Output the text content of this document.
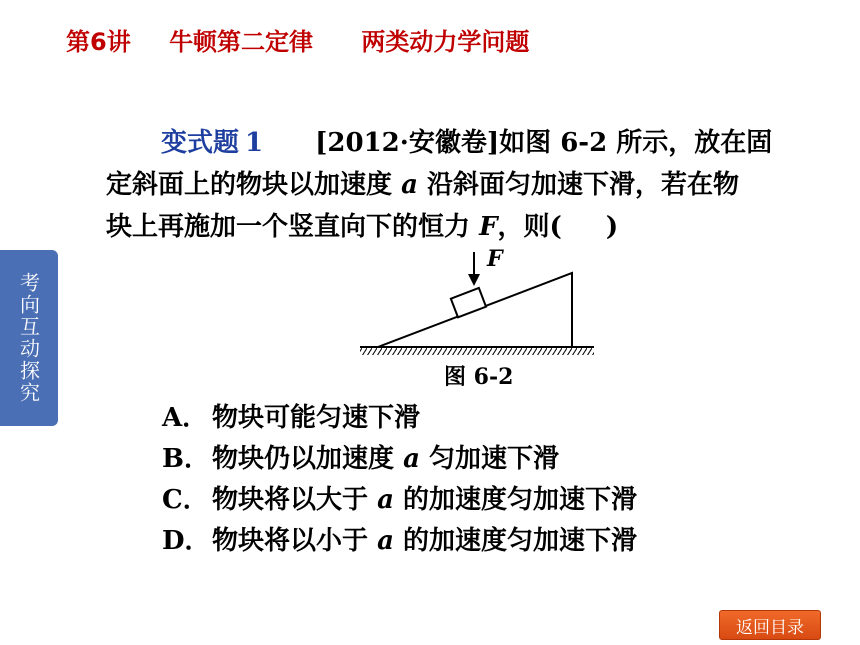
第6讲 牛顿第二定律 两类动力学问题
考向互动探究
变式题 1 [2012·安徽卷]如图 6-2 所示，放在固
定斜面上的物块以加速度 a 沿斜面匀加速下滑，若在物
块上再施加一个竖直向下的恒力 F，则( )
F
图 6-2
A． 物块可能匀速下滑
B．物块仍以加速度 a 匀加速下滑
C． 物块将以大于 a 的加速度匀加速下滑
D．物块将以小于 a 的加速度匀加速下滑
返回目录
